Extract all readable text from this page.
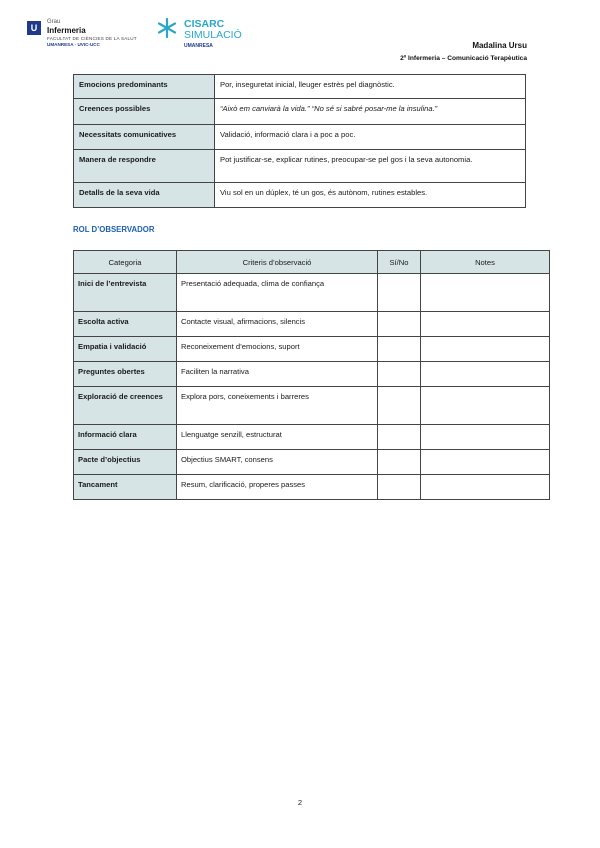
U
Grau
Infermeria
FACULTAT DE CIÈNCIES DE LA SALUT
UMANRESA · UVIC-UCC
CISARC
SIMULACIÓ
UMANRESA	Madalina Ursu
2º Infermeria – Comunicació Terapèutica
Emocions predominants	Por, inseguretat inicial, lleuger estrès pel diagnòstic.
Creences possibles	“Això em canviarà la vida.” “No sé si sabré posar-me la insulina.”
Necessitats comunicatives	Validació, informació clara i a poc a poc.
Manera de respondre	Pot justificar-se, explicar rutines, preocupar-se pel gos i la seva autonomia.
Detalls de la seva vida	Viu sol en un dúplex, té un gos, és autònom, rutines estables.
ROL D’OBSERVADOR
Categoria	Criteris d’observació	Sí/No	Notes
Inici de l’entrevista	Presentació adequada, clima de confiança		
Escolta activa	Contacte visual, afirmacions, silencis		
Empatia i validació	Reconeixement d’emocions, suport		
Preguntes obertes	Faciliten la narrativa		
Exploració de creences	Explora pors, coneixements i barreres		
Informació clara	Llenguatge senzill, estructurat		
Pacte d’objectius	Objectius SMART, consens		
Tancament	Resum, clarificació, properes passes		
2
